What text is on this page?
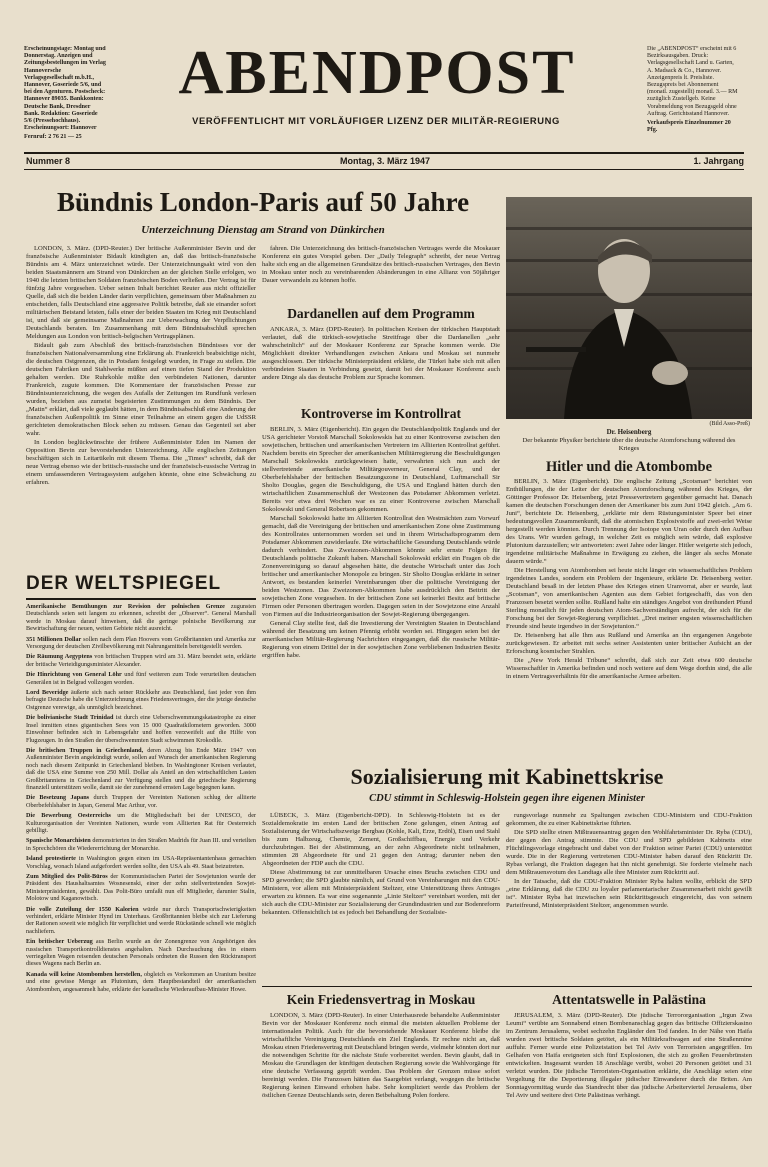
Erscheinungstage: Montag und Donnerstag. Anzeigen und Zeitungsbestellungen im Verlag Hannoversche Verlagsgesellschaft m.b.H., Hannover, Goseriede 5/6, und bei den Agenturen. Postscheck: Hannover 89035. Bankkonten: Deutsche Bank, Dresdner Bank. Redaktion: Goseriede 5/6 (Pressehochhaus). Erscheinungsort: Hannover
Fernruf: 2 76 21 — 25
ABENDPOST
VERÖFFENTLICHT MIT VORLÄUFIGER LIZENZ DER MILITÄR-REGIERUNG
Die „ABENDPOST“ erscheint mit 6 Bezirksausgaben. Druck: Verlagsgesellschaft Land u. Garten, A. Madsack & Co., Hannover. Anzeigenpreis lt. Preisliste. Bezugspreis bei Abonnement (monatl. zugestellt) monatl. 3.— RM zuzüglich Zustellgeb. Keine Vorabmeldung von Bezugsgeld ohne Auftrag. Gerichtsstand Hannover.
Verkaufspreis Einzelnummer 20 Pfg.
Nummer 8	Montag, 3. März 1947	1. Jahrgang
Bündnis London-Paris auf 50 Jahre
Unterzeichnung Dienstag am Strand von Dünkirchen

LONDON, 3. März. (DPD-Reuter.) Der britische Außenminister Bevin und der französische Außenminister Bidault kündigten an, daß das britisch-französische Bündnis am 4. März unterzeichnet würde. Der Unterzeichnungsakt wird von den beiden Staatsmännern am Strand von Dünkirchen an der gleichen Stelle erfolgen, wo 1940 die letzten britischen Soldaten französischen Boden verließen. Der Vertrag ist für fünfzig Jahre vorgesehen. Ueber seinen Inhalt berichtet Reuter aus nicht offizieller Quelle, daß sich die beiden Länder darin verpflichten, gemeinsam über Maßnahmen zu entscheiden, falls Deutschland eine aggressive Politik betreibe, daß sie einander sofort militärischen Beistand leisten, falls einer der beiden Staaten im Krieg mit Deutschland ist, und daß sie gemeinsame Maßnahmen zur Ueberwachung der Verpflichtungen Deutschlands beraten. Im Zusammenhang mit dem Bündnisabschluß sprechen Meldungen aus London von britisch-belgischen Vertragsplänen.

Bidault gab zum Abschluß des britisch-französischen Bündnisses vor der französischen Nationalversammlung eine Erklärung ab. Frankreich beabsichtige nicht, die deutschen Ostgrenzen, die in Potsdam festgelegt wurden, in Frage zu stellen. Die deutschen Fabriken und Stahlwerke müßten auf einen tiefen Stand der Produktion gehalten werden. Die Ruhrkohle müßte den verbündeten Nationen, darunter Frankreich, zugute kommen. Die Kommentare der französischen Presse zur Bündnisunterzeichnung, die wegen des Aufalls der Zeitungen im Rundfunk verlesen wurden, beziehen aus zumeist begeisterten Zustimmungen zu dem Bündnis. Der „Matin“ erklärt, daß viele geglaubt hätten, in dem Bündnisabschluß eine Anderung der französischen Außenpolitik im Sinne einer Teilnahme an einem gegen die UdSSR gerichteten demokratischen Block sehen zu müssen. Genau das Gegenteil sei aber wahr.

In London beglückwünschte der frühere Außenminister Eden im Namen der Opposition Bevin zur bevorstehenden Unterzeichnung. Alle englischen Zeitungen beschäftigen sich in Leitartikeln mit diesem Thema. Die „Times“ schreibt, daß der neue Vertrag ebenso wie der britisch-russische und der französisch-russische Vertrag in einem umfassenderen Vertragssystem aufgehen könnte, ohne eine Schwächung zu erfahren.

fahren. Die Unterzeichnung des britisch-französischen Vertrages werde die Moskauer Konferenz ein gutes Vorspiel geben. Der „Daily Telegraph“ schreibt, der neue Vertrag halte sich eng an die allgemeinen Grundsätze des britisch-russischen Vertrages, den Bevin in Moskau unter noch zu vereinbarenden Abänderungen in eine Allianz von 50jähriger Dauer verwandeln zu können hoffe.

Dardanellen auf dem Programm

ANKARA, 3. März (DPD-Reuter). In politischen Kreisen der türkischen Hauptstadt verlautet, daß die türkisch-sowjetische Streitfrage über die Dardanellen „sehr wahrscheinlich“ auf der Moskauer Konferenz zur Sprache kommen werde. Die Möglichkeit direkter Verhandlungen zwischen Ankara und Moskau sei nunmehr ausgeschlossen. Der türkische Ministerpräsident erklärte, die Türkei habe sich mit allen verbündeten Staaten in Verbindung gesetzt, damit bei der Moskauer Konferenz auch andere Dinge als das deutsche Problem zur Sprache kommen.

Kontroverse im Kontrollrat

BERLIN, 3. März (Eigenbericht). Ein gegen die Deutschlandpolitik Englands und der USA gerichteter Vorstoß Marschall Sokolowskis hat zu einer Kontroverse zwischen den sowjetischen, britischen und amerikanischen Vertretern im Alliierten Kontrollrat geführt. Nachdem bereits ein Sprecher der amerikanischen Militärregierung die Beschuldigungen Marschall Sokolowskis zurückgewiesen hatte, verwahrten sich nun auch der stellvertretende amerikanische Militärgouverneur, General Clay, und der Oberbefehlshaber der britischen Besatzungszone in Deutschland, Luftmarschall Sir Sholto Douglas, gegen die Beschuldigung, die USA und England hätten durch den wirtschaftlichen Zusammenschluß der Westzonen das Potsdamer Abkommen verletzt. Bereits vor etwa drei Wochen war es zu einer Kontroverse zwischen Marschall Sokolowski und General Robertson gekommen.

Marschall Sokolowski hatte im Alliierten Kontrollrat den Westmächten zum Vorwurf gemacht, daß die Vereinigung der britischen und amerikanischen Zone ohne Zustimmung des Kontrollrates unternommen worden sei und in ihrem Wirtschaftsprogramm dem Potsdamer Abkommen zuwiderlaufe. Die wirtschaftliche Gesundung Deutschlands würde dadurch verhindert. Das Zweizonen-Abkommen könnte sehr ernste Folgen für Deutschlands politische Zukunft haben. Marschall Sokolowski erklärt ein Fragen ob die Zonenvereinigung so darauf abgesehen hätte, die deutsche Wirtschaft unter das Joch britischer und amerikanischer Monopole zu bringen. Sir Sholto Douglas erklärte in seiner Antwort, es bestanden keinerlei Vereinbarungen über die politische Vereinigung der beiden Westzonen. Das Zweizonen-Abkommen habe ausdrücklich den Beitritt der sowjetischen Zone vorgesehen. In der britischen Zone sei keinerlei Besitz auf britische Firmen oder Personen übertragen worden. Dagegen seien in der Sowjetzone eine Anzahl von Firmen auf die Industrieorganisation der Sowjet-Regierung übergegangen.

General Clay stellte fest, daß die Investierung der Vereinigten Staaten in Deutschland während der Besatzung um keinen Pfennig erhöht worden sei. Hingegen seien bei der amerikanischen Militär-Regierung Nachrichten eingegangen, daß die russische Militär-Regierung von einem Drittel der in der sowjetischen Zone verbliebenen Industrien Besitz ergriffen habe.

DER WELTSPIEGEL

Amerikanische Bemühungen zur Revision der polnischen Grenze zugunsten Deutschlands seien seit langem zu erkennen, schreibt der „Observer“. General Marshall werde in Moskau darauf hinweisen, daß die geringe polnische Bevölkerung zur Bewirtschaftung der neuen, weiten Gebiete nicht ausreicht.

351 Millionen Dollar sollen nach dem Plan Hoovers vom Großbritannien und Amerika zur Versorgung der deutschen Zivilbevölkerung mit Nahrungsmitteln bereitgestellt werden.

Die Räumung Aegyptens von britischen Truppen wird am 31. März beendet sein, erklärte der britische Verteidigungsminister Alexander.

Die Hinrichtung von General Löhr und fünf weiteren zum Tode verurteilten deutschen Generälen ist in Belgrad vollzogen worden.

Lord Beveridge äußerte sich nach seiner Rückkehr aus Deutschland, fast jeder von ihm befragte Deutsche habe die Unterzeichnung eines Friedensvertrages, der die jetzige deutsche Ostgrenze verewige, als unmöglich bezeichnet.

Die bolivianische Stadt Trinidad ist durch eine Ueberschwemmungskatastrophe zu einer Insel inmitten eines gigantischen Sees von 15 000 Quadratkilometern geworden. 3000 Einwohner befinden sich in Lebensgefahr und hoffen verzweifelt auf die Hilfe von Flugzeugen. In den Straßen der überschwemmten Stadt schwimmen Krokodile.

Die britischen Truppen in Griechenland, deren Abzug bis Ende März 1947 von Außenminister Bevin angekündigt wurde, sollen auf Wunsch der amerikanischen Regierung noch nach diesem Zeitpunkt in Griechenland bleiben. In Washingtoner Kreisen verlautet, daß die USA eine Summe von 250 Mill. Dollar als Anteil an den wirtschaftlichen Lasten Großbritanniens in Griechenland zur Verfügung stellen und die griechische Regierung finanziell unterstützen wolle, damit sie der zunehmend ernsten Lage begegnen kann.

Die Besetzung Japans durch Truppen der Vereinten Nationen schlug der alliierte Oberbefehlshaber in Japan, General Mac Arthur, vor.

Die Bewerbung Oesterreichs um die Mitgliedschaft bei der UNESCO, der Kulturorganisation der Vereinten Nationen, wurde vom Alliierten Rat für Oesterreich gebilligt.

Spanische Monarchisten demonstrierten in den Straßen Madrids für Juan III. und verteilten in Sprechchören die Wiedererrichtung der Monarchie.

Island protestierte in Washington gegen einen im USA-Repräsentantenhaus gemachten Vorschlag, wonach Island aufgefordert werden sollte, den USA als 49. Staat beizutreten.

Zum Mitglied des Polit-Büros der Kommunistischen Partei der Sowjetunion wurde der Präsident des Haushaltsamtes Wosnesenski, einer der zehn stellvertretenden Sowjet-Ministerpräsidenten, gewählt. Das Polit-Büro umfaßt nun elf Mitglieder, darunter Stalin, Molotow und Kaganowitsch.

Die volle Zuteilung der 1550 Kalorien würde nur durch Transportschwierigkeiten verhindert, erklärte Minister Hynd im Unterhaus. Großbritannien bleibe sich zur Lieferung der Rationen soweit wie möglich für verpflichtet und werde Rückstände schnell wie möglich nachliefern.

Ein britischer Ueberzug aus Berlin wurde an der Zonengrenze von Angehörigen des russischen Transportkontrolldienstes angehalten. Nach Durchsuchung des in einem verriegelten Wagen reisenden deutschen Personals ordneten die Russen den Rücktransport dieses Wagens nach Berlin an.

Kanada will keine Atombomben herstellen, obgleich es Vorkommen an Uranium besitze und eine gewisse Menge an Plutonium, dem Hauptbestandteil der amerikanischen Atombomben, angesammelt habe, erklärte der kanadische Wiederaufbau-Minister Howe.

(Bild Asso-Preß)
Dr. Heisenberg
Der bekannte Physiker berichtete über die deutsche Atomforschung während des Krieges
Hitler und die Atombombe

BERLIN, 3. März (Eigenbericht). Die englische Zeitung „Scotsman“ berichtet von Enthüllungen, die der Leiter der deutschen Atomforschung während des Krieges, der Göttinger Professor Dr. Heisenberg, jetzt Pressevertretern gegenüber gemacht hat. Danach kamen die deutschen Forschungen denen der Amerikaner bis zum Juni 1942 gleich. „Am 6. Juni“, berichtete Dr. Heisenberg, „erklärte mir dem Rüstungsminister Speer bei einer bedeutungsvollen Zusammenkunft, daß die atomischen Explosivstoffe auf zwei-erlei Weise hergestellt werden könnten. Durch Trennung der Isotope von Uran oder durch den Aufbau des Urans. Wir wurden gefragt, in welcher Zeit es möglich sein würde, daß explosive Plutonium darzustellen; wir antworteten: zwei Jahre oder länger. Hitler weigerte sich jedoch, irgendeine militärische Maßnahme in Erwägung zu ziehen, die länger als sechs Monate dauern würde.“

Die Herstellung von Atombomben sei heute nicht länger ein wissenschaftliches Problem irgendeines Landes, sondern ein Problem der Ingenieure, erklärte Dr. Heisenberg weiter. Deutschland besaß in der letzten Phase des Krieges einen Uranvorrat, aber er wurde, laut „Scotsman“, von amerikanischen Agenten aus dem Gebiet fortgeschafft, das von den Franzosen besetzt werden sollte. Rußland halte ein ständiges Angebot von dreihundert Pfund Sterling monatlich für jeden deutschen Atom-Sachverständigen aufrecht, der sich für die Forschung bei der Sowjet-Regierung verpflichtet. „Drei meiner engsten wissenschaftlichen Freunde sind heute irgendwo in der Sowjetunion.“

Dr. Heisenberg hat alle Ihm aus Rußland und Amerika an ihn ergangenen Angebote zurückgewiesen. Er arbeitet mit sechs seiner Assistenten unter britischer Aufsicht an der Erforschung kosmischer Strahlen.

Die „New York Herald Tribune“ schreibt, daß sich zur Zeit etwa 600 deutsche Wissenschaftler in Amerika befinden und noch weitere auf dem Wege dorthin sind, die alle in einem Vertragsverhältnis für die amerikanische Armee arbeiten.

Sozialisierung mit Kabinettskrise
CDU stimmt in Schleswig-Holstein gegen ihre eigenen Minister

LÜBECK, 3. März (Eigenbericht-DPD). In Schleswig-Holstein ist es der Sozialdemokratie im ersten Land der britischen Zone gelungen, einen Antrag auf Sozialisierung der Wirtschaftszweige Bergbau (Kohle, Kali, Erze, Erdöl), Eisen und Stahl bis zum Halbzeug, Chemie, Zement, Großschiffbau, Energie und Verkehr durchzubringen. Bei der Abstimmung, an der zehn Abgeordnete nicht teilnahmen, stimmten 28 Abgeordnete für und 21 gegen den Antrag; darunter neben den Abgeordneten der FDP auch die CDU.

Diese Abstimmung ist zur unmittelbaren Ursache eines Bruchs zwischen CDU und SPD geworden; die SPD glaubte nämlich, auf Grund von Vereinbarungen mit den CDU-Ministern, vor allem mit Ministerpräsident Steltzer, eine Unterstützung ihres Antrages erwarten zu können. Es war eine sogenannte „Linie Steltzer“ vereinbart worden, mit der sich auch die CDU-Minister zur Sozialisierung der Grundindustrien und zur Bodenreform bekannten. Offensichtlich ist es jedoch bei Behandlung der Sozialisie-

rungsvorlage nunmehr zu Spaltungen zwischen CDU-Ministern und CDU-Fraktion gekommen, die zu einer Kabinettskrise führten.

Die SPD stellte einen Mißtrauensantrag gegen den Wohlfahrtsminister Dr. Ryba (CDU), der gegen den Antrag stimmte. Die CDU und SPD gebildeten Kabinetts eine Flüchtlingsvorlage eingebracht und dabei von der Fraktion seiner Partei (CDU) unterstützt wurde. Die in der Regierung vertretenen CDU-Minister haben darauf den Rücktritt Dr. Rybas verlangt, die Fraktion dagegen hat ihn nicht genehmigt. Sie forderte vielmehr nach dem Mißtrauensvotum des Landtags alle ihre Minister zum Rücktritt auf.

In der Tatsache, daß die CDU-Fraktion Minister Ryba halten wollte, erblickt die SPD „eine Erklärung, daß die CDU zu loyaler parlamentarischer Zusammenarbeit nicht gewillt ist“. Minister Ryba hat inzwischen sein Rücktrittsgesuch eingereicht, das von seinem Parteifreund, Ministerpräsident Steltzer, angenommen wurde.

Kein Friedensvertrag in Moskau

LONDON, 3. März (DPD-Reuter). In einer Unterhausrede behandelte Außenminister Bevin vor der Moskauer Konferenz noch einmal die meisten aktuellen Probleme der internationalen Politik. Auch für die bevorstehende Moskauer Konferenz bleibe die wirtschaftliche Vereinigung Deutschlands ein Ziel Englands. Er rechne nicht an, daß Moskau einen Friedensvertrag mit Deutschland bringen werde, vielmehr könnten dort nur die notwendigen Schritte für die nächste Stufe vorbereitet werden. Bevin glaubt, daß in Moskau die Grundlagen der künftigen deutschen Regierung sowie die Wahlvorgänge für eine deutsche Verfassung geprüft werden. Das Problem der Grenzen müsse sofort bereinigt werden. Die Franzosen hätten das Saargebiet verlangt, wogegen die britische Regierung keinen Einwand erhoben habe. Sehr kompliziert werde das Problem der östlichen Grenze Deutschlands sein, deren Beibehaltung Polen fordere.

Attentatswelle in Palästina

JERUSALEM, 3. März (DPD-Reuter). Die jüdische Terrororganisation „Irgun Zwa Leumi“ verübte am Sonnabend einen Bombenanschlag gegen das britische Offizierskasino im Zentrum Jerusalems, wobei sechzehn Engländer den Tod fanden. In der Nähe von Haifa wurden zwei britische Soldaten getötet, als ein Militärkraftwagen auf eine Straßenmine auffuhr. Ferner wurde eine Polizeistation bei Tel Aviv von Terroristen angegriffen. Im Gelhafen von Haifa ereigneten sich fünf Explosionen, die sich zu großen Feuersbrünsten entwickelten. Insgesamt wurden 18 Anschläge verübt, wobei 20 Personen getötet und 31 verletzt wurden. Die jüdische Terroristen-Organisation erklärte, die Anschläge seien eine Vergeltung für die Deportierung illegaler jüdischer Einwanderer durch die Briten. Am Sonntagvormittag wurde das Standrecht über das jüdische Arbeiterviertel Jerusalems, über Tel Aviv und weitere drei Orte Palästinas verhängt.
